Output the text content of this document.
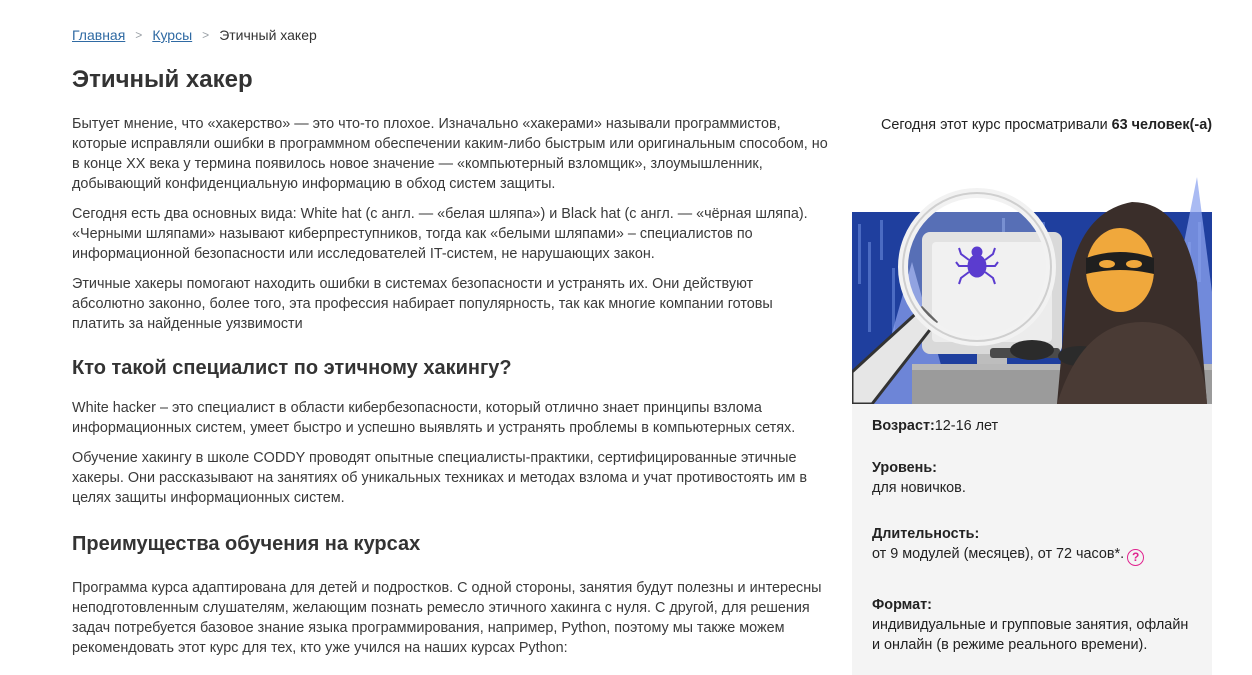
Главная > Курсы > Этичный хакер
Этичный хакер

Бытует мнение, что «хакерство» — это что-то плохое. Изначально «хакерами» называли программистов, которые исправляли ошибки в программном обеспечении каким-либо быстрым или оригинальным способом, но в конце XX века у термина появилось новое значение — «компьютерный взломщик», злоумышленник, добывающий конфиденциальную информацию в обход систем защиты.

Сегодня есть два основных вида: White hat (с англ. — «белая шляпа») и Black hat (с англ. — «чёрная шляпа). «Черными шляпами» называют киберпреступников, тогда как «белыми шляпами» – специалистов по информационной безопасности или исследователей IT-систем, не нарушающих закон.

Этичные хакеры помогают находить ошибки в системах безопасности и устранять их. Они действуют абсолютно законно, более того, эта профессия набирает популярность, так как многие компании готовы платить за найденные уязвимости

Кто такой специалист по этичному хакингу?

White hacker – это специалист в области кибербезопасности, который отлично знает принципы взлома информационных систем, умеет быстро и успешно выявлять и устранять проблемы в компьютерных сетях.

Обучение хакингу в школе CODDY проводят опытные специалисты-практики, сертифицированные этичные хакеры. Они рассказывают на занятиях об уникальных техниках и методах взлома и учат противостоять им в целях защиты информационных систем.

Преимущества обучения на курсах

Программа курса адаптирована для детей и подростков. С одной стороны, занятия будут полезны и интересны неподготовленным слушателям, желающим познать ремесло этичного хакинга с нуля. С другой, для решения задач потребуется базовое знание языка программирования, например, Python, поэтому мы также можем рекомендовать этот курс для тех, кто уже учился на наших курсах Python:

Сегодня этот курс просматривали 63 человек(-а)
Возраст:12-16 лет
Уровень:
для новичков.
Длительность:
от 9 модулей (месяцев), от 72 часов*. ?
Формат:
индивидуальные и групповые занятия, офлайн и онлайн (в режиме реального времени).
